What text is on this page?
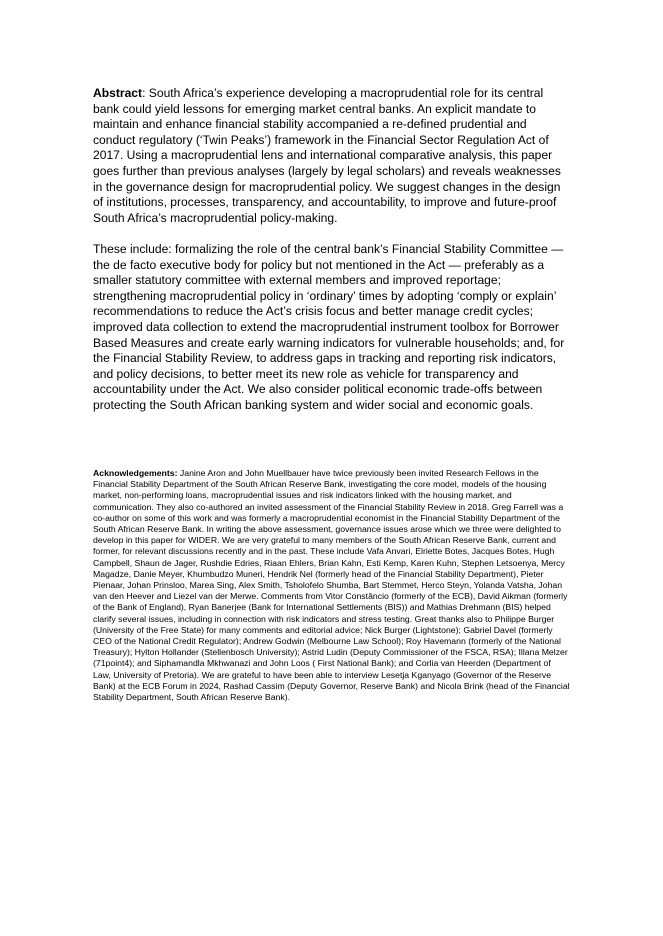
Abstract: South Africa’s experience developing a macroprudential role for its central bank could yield lessons for emerging market central banks. An explicit mandate to maintain and enhance financial stability accompanied a re-defined prudential and conduct regulatory (‘Twin Peaks’) framework in the Financial Sector Regulation Act of 2017. Using a macroprudential lens and international comparative analysis, this paper goes further than previous analyses (largely by legal scholars) and reveals weaknesses in the governance design for macroprudential policy. We suggest changes in the design of institutions, processes, transparency, and accountability, to improve and future-proof South Africa’s macroprudential policy-making.

These include: formalizing the role of the central bank’s Financial Stability Committee — the de facto executive body for policy but not mentioned in the Act — preferably as a smaller statutory committee with external members and improved reportage; strengthening macroprudential policy in ‘ordinary’ times by adopting ‘comply or explain’ recommendations to reduce the Act’s crisis focus and better manage credit cycles; improved data collection to extend the macroprudential instrument toolbox for Borrower Based Measures and create early warning indicators for vulnerable households; and, for the Financial Stability Review, to address gaps in tracking and reporting risk indicators, and policy decisions, to better meet its new role as vehicle for transparency and accountability under the Act. We also consider political economic trade-offs between protecting the South African banking system and wider social and economic goals.

Acknowledgements: Janine Aron and John Muellbauer have twice previously been invited Research Fellows in the Financial Stability Department of the South African Reserve Bank, investigating the core model, models of the housing market, non-performing loans, macroprudential issues and risk indicators linked with the housing market, and communication. They also co-authored an invited assessment of the Financial Stability Review in 2018. Greg Farrell was a co-author on some of this work and was formerly a macroprudential economist in the Financial Stability Department of the South African Reserve Bank. In writing the above assessment, governance issues arose which we three were delighted to develop in this paper for WIDER. We are very grateful to many members of the South African Reserve Bank, current and former, for relevant discussions recently and in the past. These include Vafa Anvari, Elriette Botes, Jacques Botes, Hugh Campbell, Shaun de Jager, Rushdie Edries, Riaan Ehlers, Brian Kahn, Esti Kemp, Karen Kuhn, Stephen Letsoenya, Mercy Magadze, Danie Meyer, Khumbudzo Muneri, Hendrik Nel (formerly head of the Financial Stability Department), Pieter Pienaar, Johan Prinsloo, Marea Sing, Alex Smith, Tsholofelo Shumba, Bart Stemmet, Herco Steyn, Yolanda Vatsha, Johan van den Heever and Liezel van der Merwe. Comments from Vitor Constâncio (formerly of the ECB), David Aikman (formerly of the Bank of England), Ryan Banerjee (Bank for International Settlements (BIS)) and Mathias Drehmann (BIS) helped clarify several issues, including in connection with risk indicators and stress testing. Great thanks also to Philippe Burger (University of the Free State) for many comments and editorial advice; Nick Burger (Lightstone); Gabriel Davel (formerly CEO of the National Credit Regulator); Andrew Godwin (Melbourne Law School); Roy Havemann (formerly of the National Treasury); Hylton Hollander (Stellenbosch University); Astrid Ludin (Deputy Commissioner of the FSCA, RSA); Illana Melzer (71point4); and Siphamandla Mkhwanazi and John Loos ( First National Bank); and Corlia van Heerden (Department of Law, University of Pretoria). We are grateful to have been able to interview Lesetja Kganyago (Governor of the Reserve Bank) at the ECB Forum in 2024, Rashad Cassim (Deputy Governor, Reserve Bank) and Nicola Brink (head of the Financial Stability Department, South African Reserve Bank).
